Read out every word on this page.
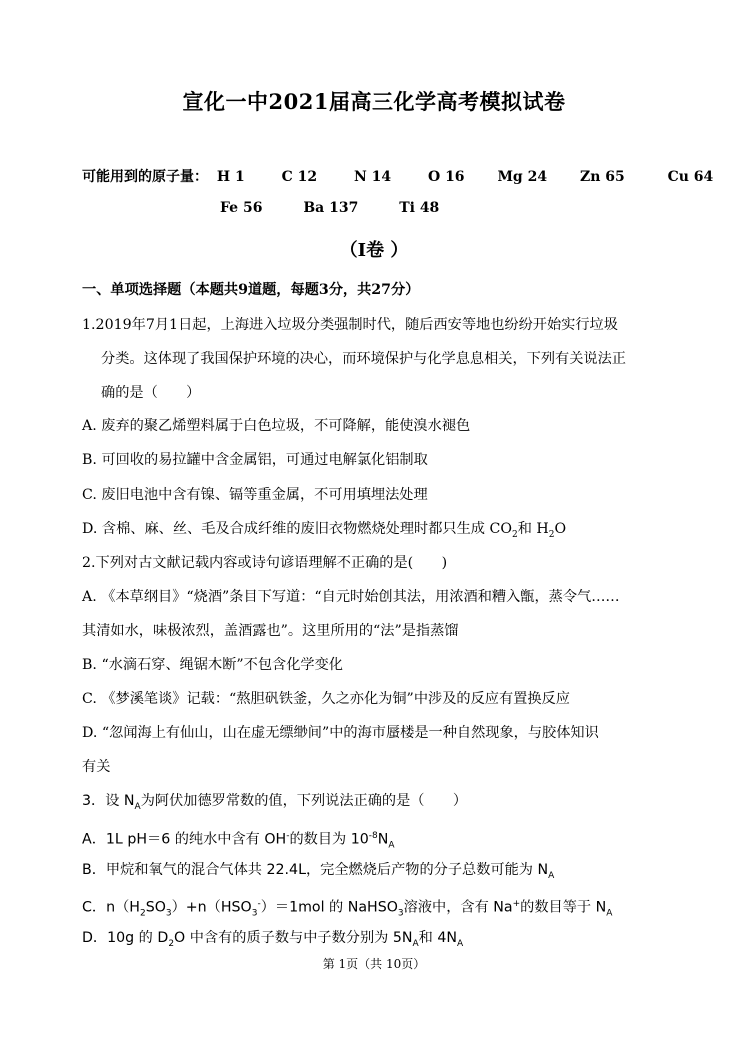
宣化一中2021届高三化学高考模拟试卷
可能用到的原子量： H 1	C 12	N 14	O 16 Mg 24 Zn 65	Cu 64
Fe 56	Ba 137	Ti 48
（Ⅰ卷 ）
一、单项选择题（本题共9道题，每题3分，共27分）
1.2019年7月1日起，上海进入垃圾分类强制时代，随后西安等地也纷纷开始实行垃圾
分类。这体现了我国保护环境的决心，而环境保护与化学息息相关，下列有关说法正
确的是（　　）
A. 废弃的聚乙烯塑料属于白色垃圾，不可降解，能使溴水褪色
B. 可回收的易拉罐中含金属铝，可通过电解氯化铝制取
C. 废旧电池中含有镍、镉等重金属，不可用填埋法处理
D. 含棉、麻、丝、毛及合成纤维的废旧衣物燃烧处理时都只生成 $CO_2$和 $H_2O$
2.下列对古文献记载内容或诗句谚语理解不正确的是(　　)
A. 《本草纲目》“烧酒”条目下写道：“自元时始创其法，用浓酒和糟入甑，蒸令气……
其清如水，味极浓烈，盖酒露也”。这里所用的“法”是指蒸馏
B. “水滴石穿、绳锯木断”不包含化学变化
C. 《梦溪笔谈》记载：“熬胆矾铁釜，久之亦化为铜”中涉及的反应有置换反应
D. “忽闻海上有仙山，山在虚无缥缈间”中的海市蜃楼是一种自然现象，与胶体知识
有关
3．设 $N_A$为阿伏加德罗常数的值，下列说法正确的是（　　）
A．1L pH＝6 的纯水中含有 OH-的数目为 $10^{-8}N_A$
B．甲烷和氧气的混合气体共 22.4L，完全燃烧后产物的分子总数可能为 $N_A$
C．$n(H_2SO_3)+n(HSO_3^-)=1mol$ 的 NaHSO$_3$溶液中，含有 Na+的数目等于 $N_A$
D．10g 的 $D_2O$ 中含有的质子数与中子数分别为 $5N_A$和 $4N_A$
第 1页（共 10页）
